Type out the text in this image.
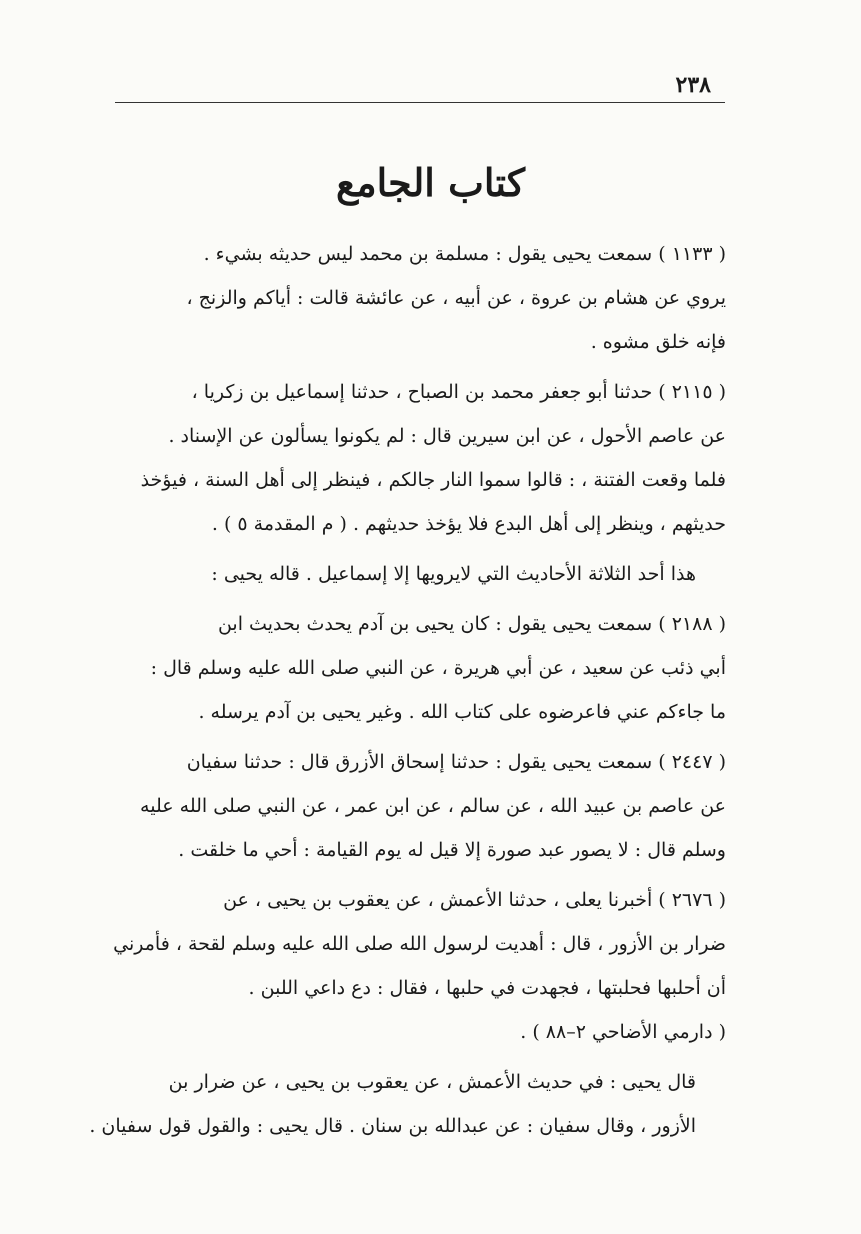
٢٣٨
كتاب الجامع

( ١١٣٣ ) سمعت يحيى يقول : مسلمة بن محمد ليس حديثه بشيء .
يروي عن هشام بن عروة ، عن أبيه ، عن عائشة قالت : أياكم والزنج ،
فإنه خلق مشوه .

( ٢١١٥ ) حدثنا أبو جعفر محمد بن الصباح ، حدثنا إسماعيل بن زكريا ،
عن عاصم الأحول ، عن ابن سيرين قال : لم يكونوا يسألون عن الإسناد .
فلما وقعت الفتنة ، : قالوا سموا النار جالكم ، فينظر إلى أهل السنة ، فيؤخذ
حديثهم ، وينظر إلى أهل البدع فلا يؤخذ حديثهم . ( م المقدمة ٥ ) .

هذا أحد الثلاثة الأحاديث التي لايرويها إلا إسماعيل . قاله يحيى :

( ٢١٨٨ ) سمعت يحيى يقول : كان يحيى بن آدم يحدث بحديث ابن
أبي ذئب عن سعيد ، عن أبي هريرة ، عن النبي صلى الله عليه وسلم قال :
ما جاءكم عني فاعرضوه على كتاب الله . وغير يحيى بن آدم يرسله .

( ٢٤٤٧ ) سمعت يحيى يقول : حدثنا إسحاق الأزرق قال : حدثنا سفيان
عن عاصم بن عبيد الله ، عن سالم ، عن ابن عمر ، عن النبي صلى الله عليه
وسلم قال : لا يصور عبد صورة إلا قيل له يوم القيامة : أحي ما خلقت .

( ٢٦٧٦ ) أخبرنا يعلى ، حدثنا الأعمش ، عن يعقوب بن يحيى ، عن
ضرار بن الأزور ، قال : أهديت لرسول الله صلى الله عليه وسلم لقحة ، فأمرني
أن أحلبها فحلبتها ، فجهدت في حلبها ، فقال : دع داعي اللبن .
( دارمي الأضاحي ٢–٨٨ ) .

قال يحيى : في حديث الأعمش ، عن يعقوب بن يحيى ، عن ضرار بن
الأزور ، وقال سفيان : عن عبدالله بن سنان . قال يحيى : والقول قول سفيان .
